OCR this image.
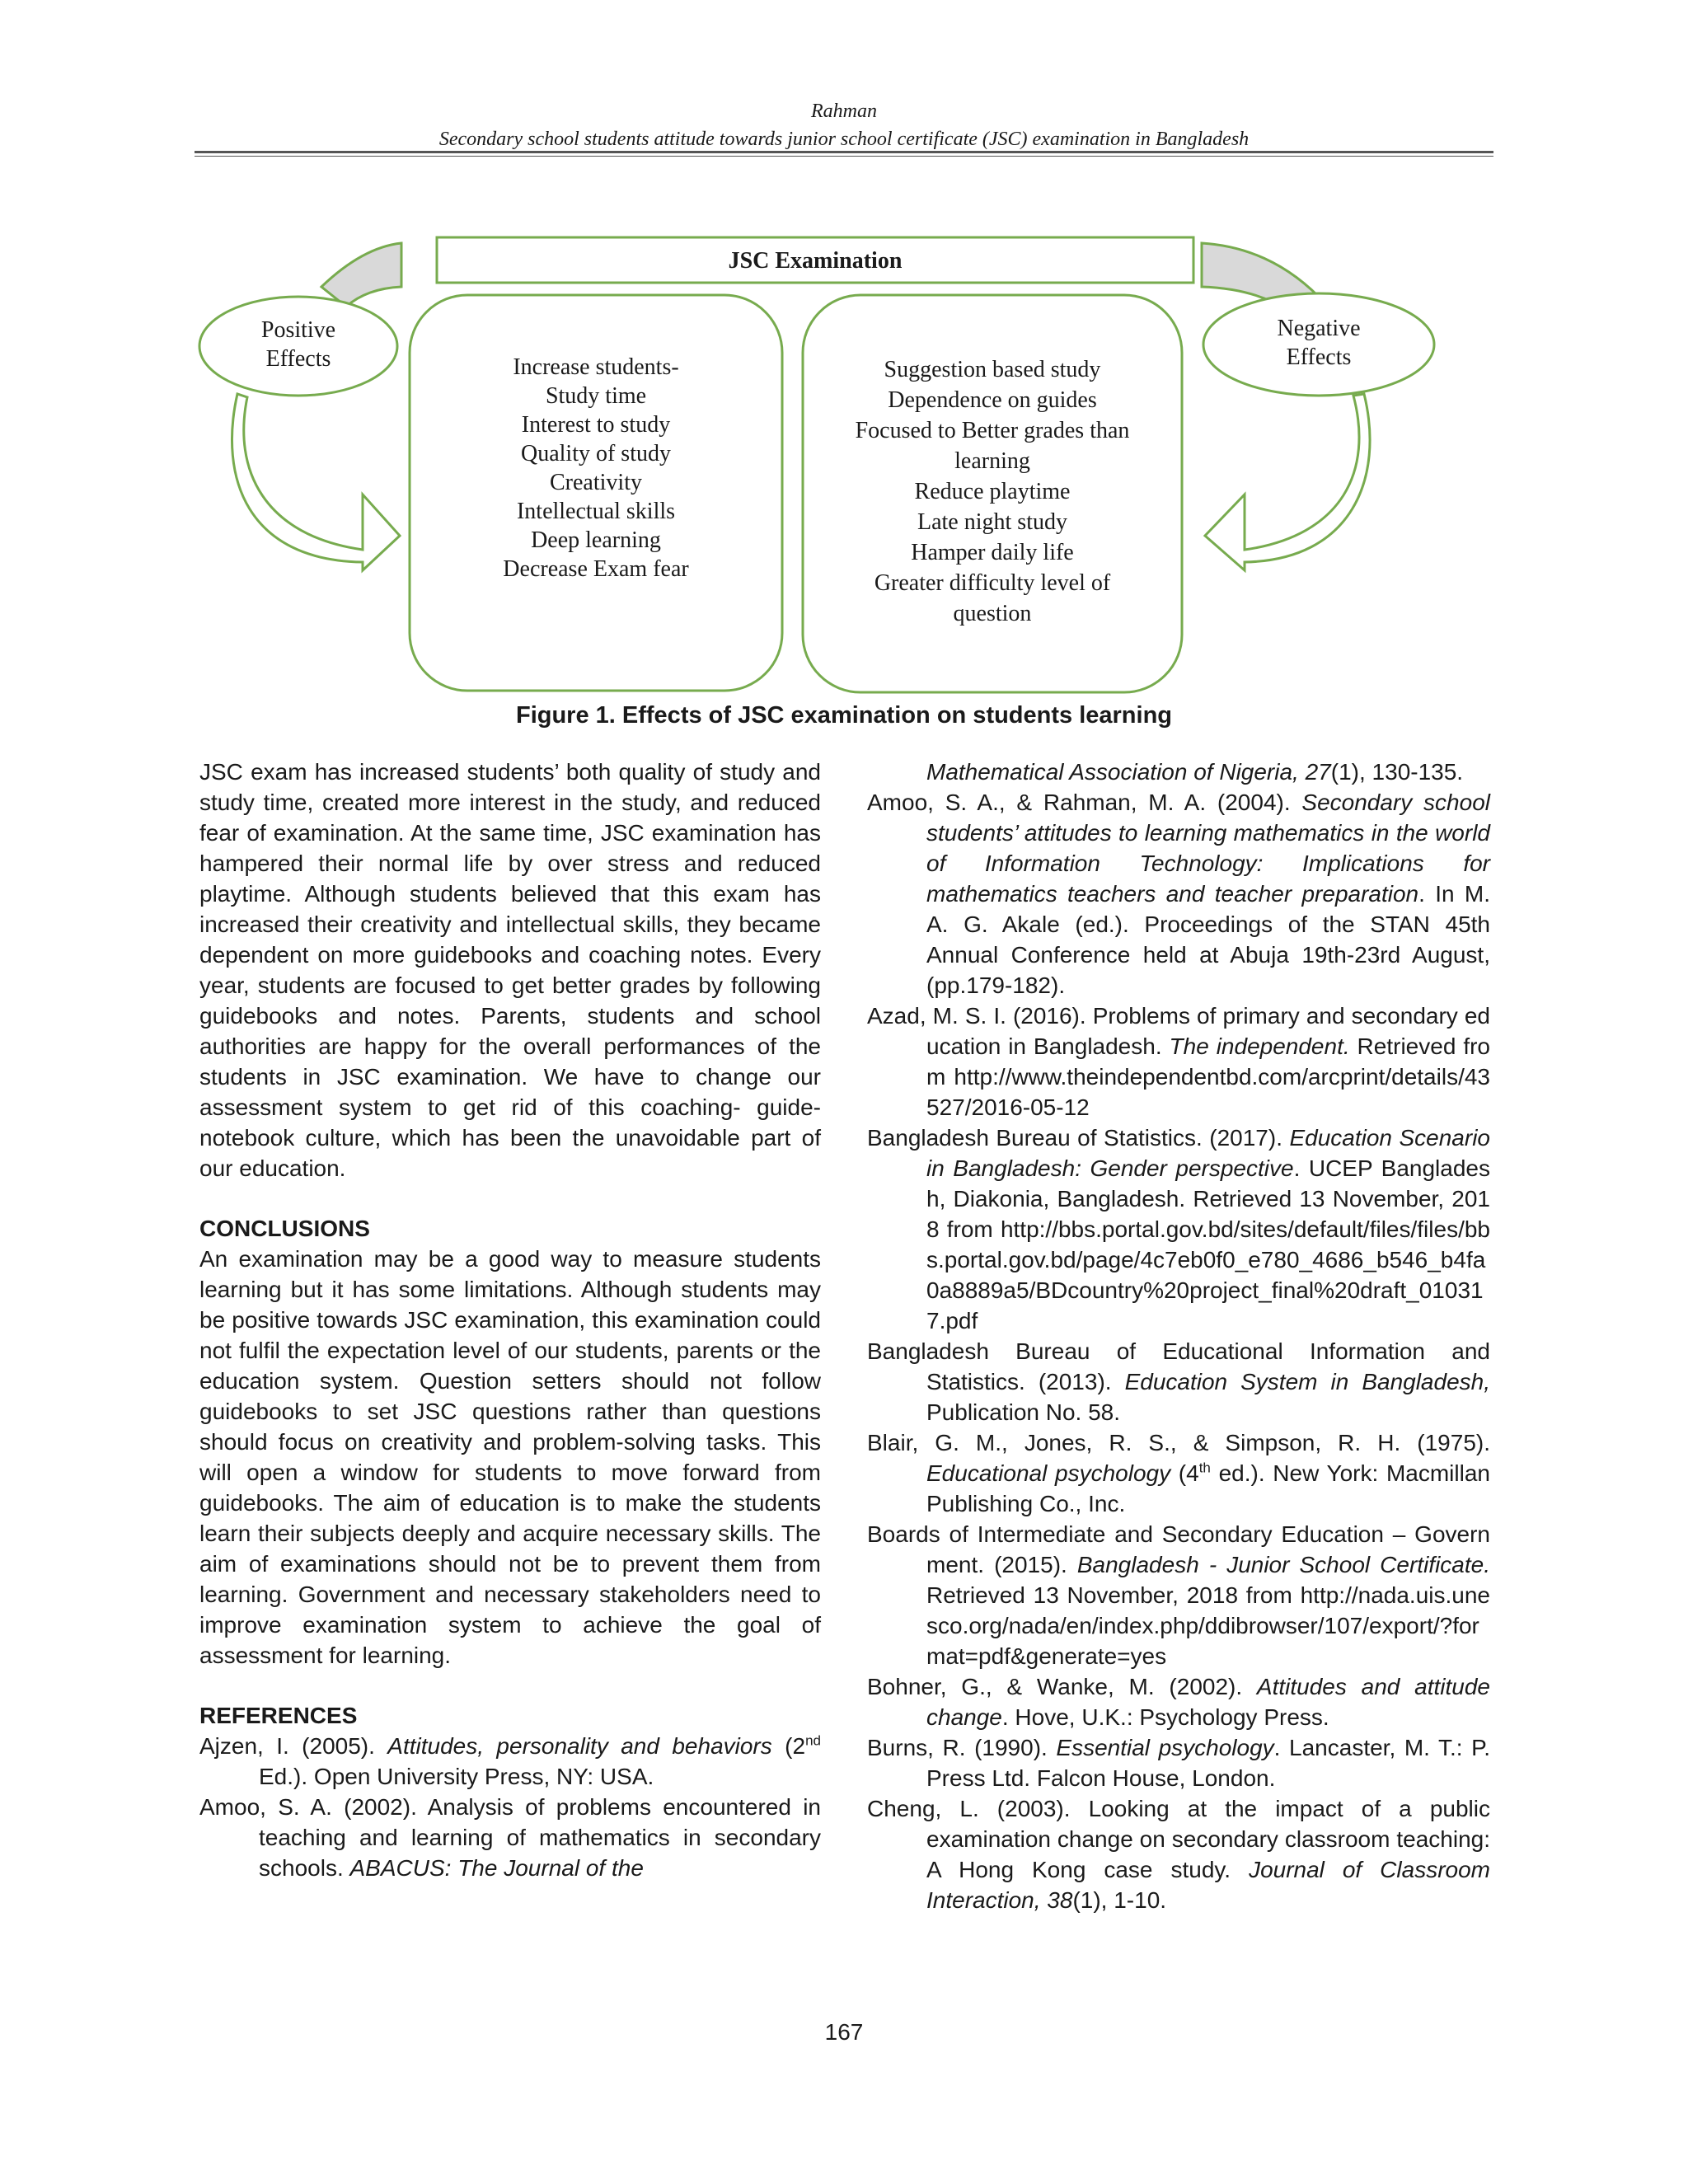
Rahman
Secondary school students attitude towards junior school certificate (JSC) examination in Bangladesh
JSC Examination
Positive
Effects
Negative
Effects
Increase students-
Study time
Interest to study
Quality of study
Creativity
Intellectual skills
Deep learning
Decrease Exam fear
Suggestion based study
Dependence on guides
Focused to Better grades than
learning
Reduce playtime
Late night study
Hamper daily life
Greater difficulty level of
question
Figure 1. Effects of JSC examination on students learning

JSC exam has increased students’ both quality of study and study time, created more interest in the study, and reduced fear of examination. At the same time, JSC examination has hampered their normal life by over stress and reduced playtime. Although students believed that this exam has increased their creativity and intellectual skills, they became dependent on more guidebooks and coaching notes. Every year, students are focused to get better grades by following guidebooks and notes. Parents, students and school authorities are happy for the overall performances of the students in JSC examination. We have to change our assessment system to get rid of this coaching- guide-notebook culture, which has been the unavoidable part of our education.

CONCLUSIONS

An examination may be a good way to measure students learning but it has some limitations. Although students may be positive towards JSC examination, this examination could not fulfil the expectation level of our students, parents or the education system. Question setters should not follow guidebooks to set JSC questions rather than questions should focus on creativity and problem-solving tasks. This will open a window for students to move forward from guidebooks. The aim of education is to make the students learn their subjects deeply and acquire necessary skills. The aim of examinations should not be to prevent them from learning. Government and necessary stakeholders need to improve examination system to achieve the goal of assessment for learning.

REFERENCES
Ajzen, I. (2005). Attitudes, personality and behaviors (2nd Ed.). Open University Press, NY: USA.
Amoo, S. A. (2002). Analysis of problems encountered in teaching and learning of mathematics in secondary schools. ABACUS: The Journal of the
Mathematical Association of Nigeria, 27(1), 130-135.
Amoo, S. A., & Rahman, M. A. (2004). Secondary school students’ attitudes to learning mathematics in the world of Information Technology: Implications for mathematics teachers and teacher preparation. In M. A. G. Akale (ed.). Proceedings of the STAN 45th Annual Conference held at Abuja 19th-23rd August, (pp.179-182).
Azad, M. S. I. (2016). Problems of primary and secondary education in Bangladesh. The independent. Retrieved from http://www.theindependentbd.com/arcprint/details/43527/2016-05-12
Bangladesh Bureau of Statistics. (2017). Education Scenario in Bangladesh: Gender perspective. UCEP Bangladesh, Diakonia, Bangladesh. Retrieved 13 November, 2018 from http://bbs.portal.gov.bd/sites/default/files/files/bbs.portal.gov.bd/page/4c7eb0f0_e780_4686_b546_b4fa0a8889a5/BDcountry%20project_final%20draft_010317.pdf
Bangladesh Bureau of Educational Information and Statistics. (2013). Education System in Bangladesh, Publication No. 58.
Blair, G. M., Jones, R. S., & Simpson, R. H. (1975). Educational psychology (4th ed.). New York: Macmillan Publishing Co., Inc.
Boards of Intermediate and Secondary Education – Government. (2015). Bangladesh - Junior School Certificate. Retrieved 13 November, 2018 from http://nada.uis.unesco.org/nada/en/index.php/ddibrowser/107/export/?format=pdf&generate=yes
Bohner, G., & Wanke, M. (2002). Attitudes and attitude change. Hove, U.K.: Psychology Press.
Burns, R. (1990). Essential psychology. Lancaster, M. T.: P. Press Ltd. Falcon House, London.
Cheng, L. (2003). Looking at the impact of a public examination change on secondary classroom teaching: A Hong Kong case study. Journal of Classroom Interaction, 38(1), 1-10.
167
